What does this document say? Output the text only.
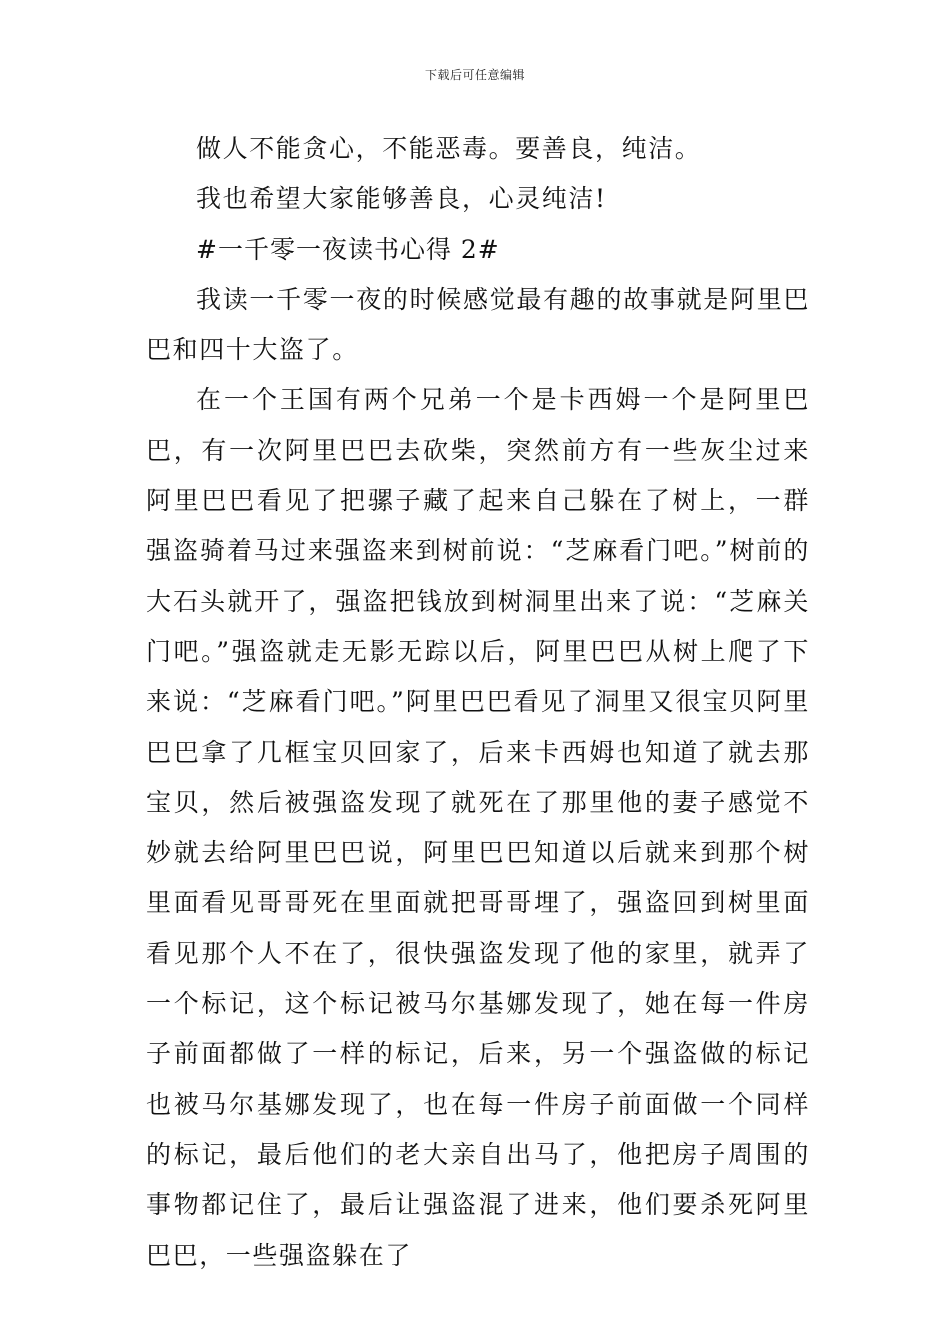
下载后可任意编辑

做人不能贪心，不能恶毒。要善良，纯洁。

我也希望大家能够善良，心灵纯洁!

#一千零一夜读书心得 2#

我读一千零一夜的时候感觉最有趣的故事就是阿里巴巴和四十大盗了。

在一个王国有两个兄弟一个是卡西姆一个是阿里巴巴，有一次阿里巴巴去砍柴，突然前方有一些灰尘过来阿里巴巴看见了把骡子藏了起来自己躲在了树上，一群强盗骑着马过来强盗来到树前说：“芝麻看门吧。”树前的大石头就开了，强盗把钱放到树洞里出来了说：“芝麻关门吧。”强盗就走无影无踪以后，阿里巴巴从树上爬了下来说：“芝麻看门吧。”阿里巴巴看见了洞里又很宝贝阿里巴巴拿了几框宝贝回家了，后来卡西姆也知道了就去那宝贝，然后被强盗发现了就死在了那里他的妻子感觉不妙就去给阿里巴巴说，阿里巴巴知道以后就来到那个树里面看见哥哥死在里面就把哥哥埋了，强盗回到树里面看见那个人不在了，很快强盗发现了他的家里，就弄了一个标记，这个标记被马尔基娜发现了，她在每一件房子前面都做了一样的标记，后来，另一个强盗做的标记也被马尔基娜发现了，也在每一件房子前面做一个同样的标记，最后他们的老大亲自出马了，他把房子周围的事物都记住了，最后让强盗混了进来，他们要杀死阿里巴巴，一些强盗躲在了
